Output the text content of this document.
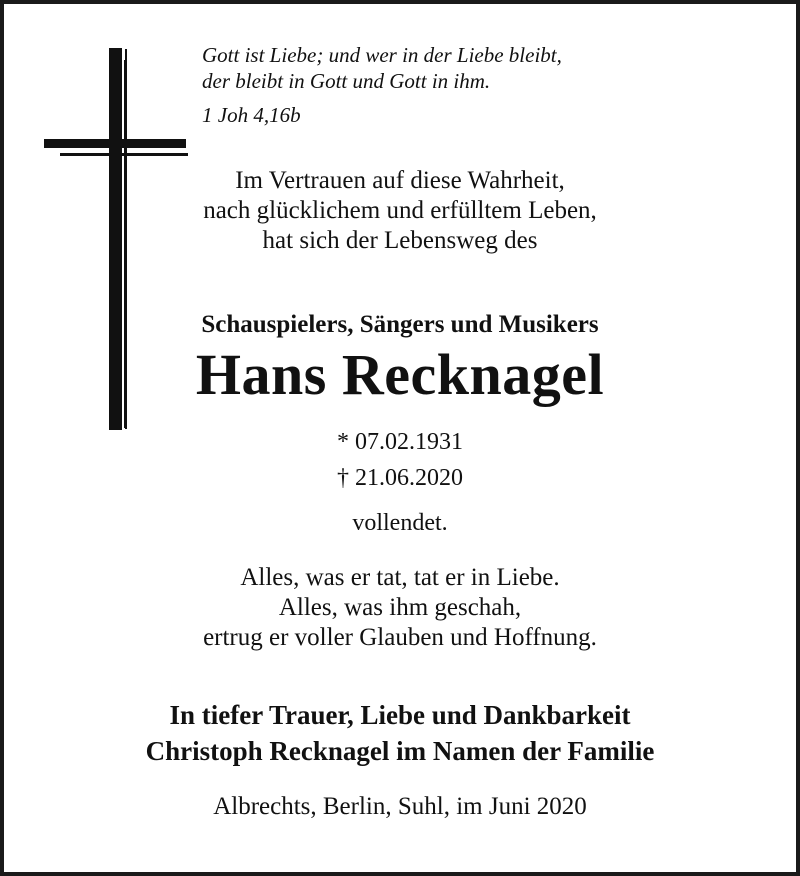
Gott ist Liebe; und wer in der Liebe bleibt,
der bleibt in Gott und Gott in ihm.
1 Joh 4,16b
Im Vertrauen auf diese Wahrheit,
nach glücklichem und erfülltem Leben,
hat sich der Lebensweg des
Schauspielers, Sängers und Musikers
Hans Recknagel
* 07.02.1931
† 21.06.2020
vollendet.
Alles, was er tat, tat er in Liebe.
Alles, was ihm geschah,
ertrug er voller Glauben und Hoffnung.
In tiefer Trauer, Liebe und Dankbarkeit
Christoph Recknagel im Namen der Familie
Albrechts, Berlin, Suhl, im Juni 2020
